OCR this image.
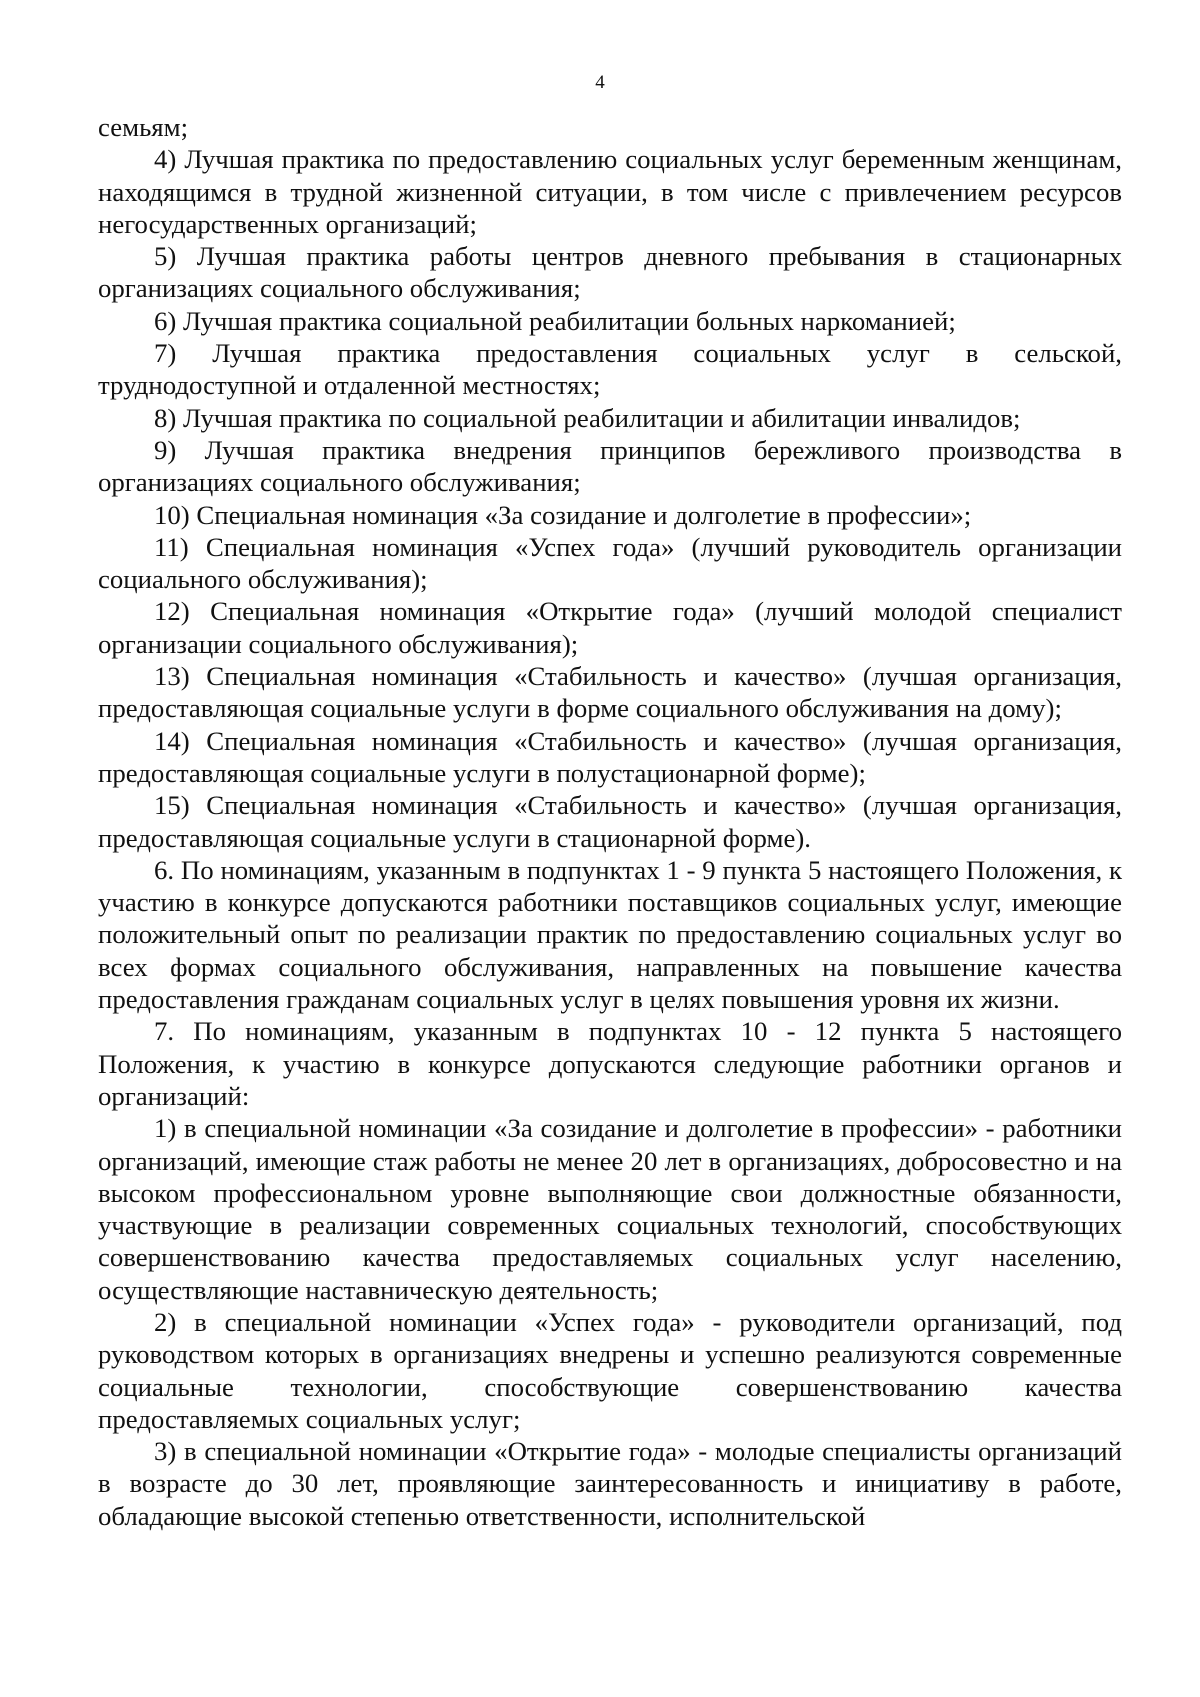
4

семьям;

4) Лучшая практика по предоставлению социальных услуг беременным женщинам, находящимся в трудной жизненной ситуации, в том числе с привлечением ресурсов негосударственных организаций;

5) Лучшая практика работы центров дневного пребывания в стационарных организациях социального обслуживания;

6) Лучшая практика социальной реабилитации больных наркоманией;

7) Лучшая практика предоставления социальных услуг в сельской, труднодоступной и отдаленной местностях;

8) Лучшая практика по социальной реабилитации и абилитации инвалидов;

9) Лучшая практика внедрения принципов бережливого производства в организациях социального обслуживания;

10) Специальная номинация «За созидание и долголетие в профессии»;

11) Специальная номинация «Успех года» (лучший руководитель организации социального обслуживания);

12) Специальная номинация «Открытие года» (лучший молодой специалист организации социального обслуживания);

13) Специальная номинация «Стабильность и качество» (лучшая организация, предоставляющая социальные услуги в форме социального обслуживания на дому);

14) Специальная номинация «Стабильность и качество» (лучшая организация, предоставляющая социальные услуги в полустационарной форме);

15) Специальная номинация «Стабильность и качество» (лучшая организация, предоставляющая социальные услуги в стационарной форме).

6. По номинациям, указанным в подпунктах 1 - 9 пункта 5 настоящего Положения, к участию в конкурсе допускаются работники поставщиков социальных услуг, имеющие положительный опыт по реализации практик по предоставлению социальных услуг во всех формах социального обслуживания, направленных на повышение качества предоставления гражданам социальных услуг в целях повышения уровня их жизни.

7. По номинациям, указанным в подпунктах 10 - 12 пункта 5 настоящего Положения, к участию в конкурсе допускаются следующие работники органов и организаций:

1) в специальной номинации «За созидание и долголетие в профессии» - работники организаций, имеющие стаж работы не менее 20 лет в организациях, добросовестно и на высоком профессиональном уровне выполняющие свои должностные обязанности, участвующие в реализации современных социальных технологий, способствующих совершенствованию качества предоставляемых социальных услуг населению, осуществляющие наставническую деятельность;

2) в специальной номинации «Успех года» - руководители организаций, под руководством которых в организациях внедрены и успешно реализуются современные социальные технологии, способствующие совершенствованию качества предоставляемых социальных услуг;

3) в специальной номинации «Открытие года» - молодые специалисты организаций в возрасте до 30 лет, проявляющие заинтересованность и инициативу в работе, обладающие высокой степенью ответственности, исполнительской
